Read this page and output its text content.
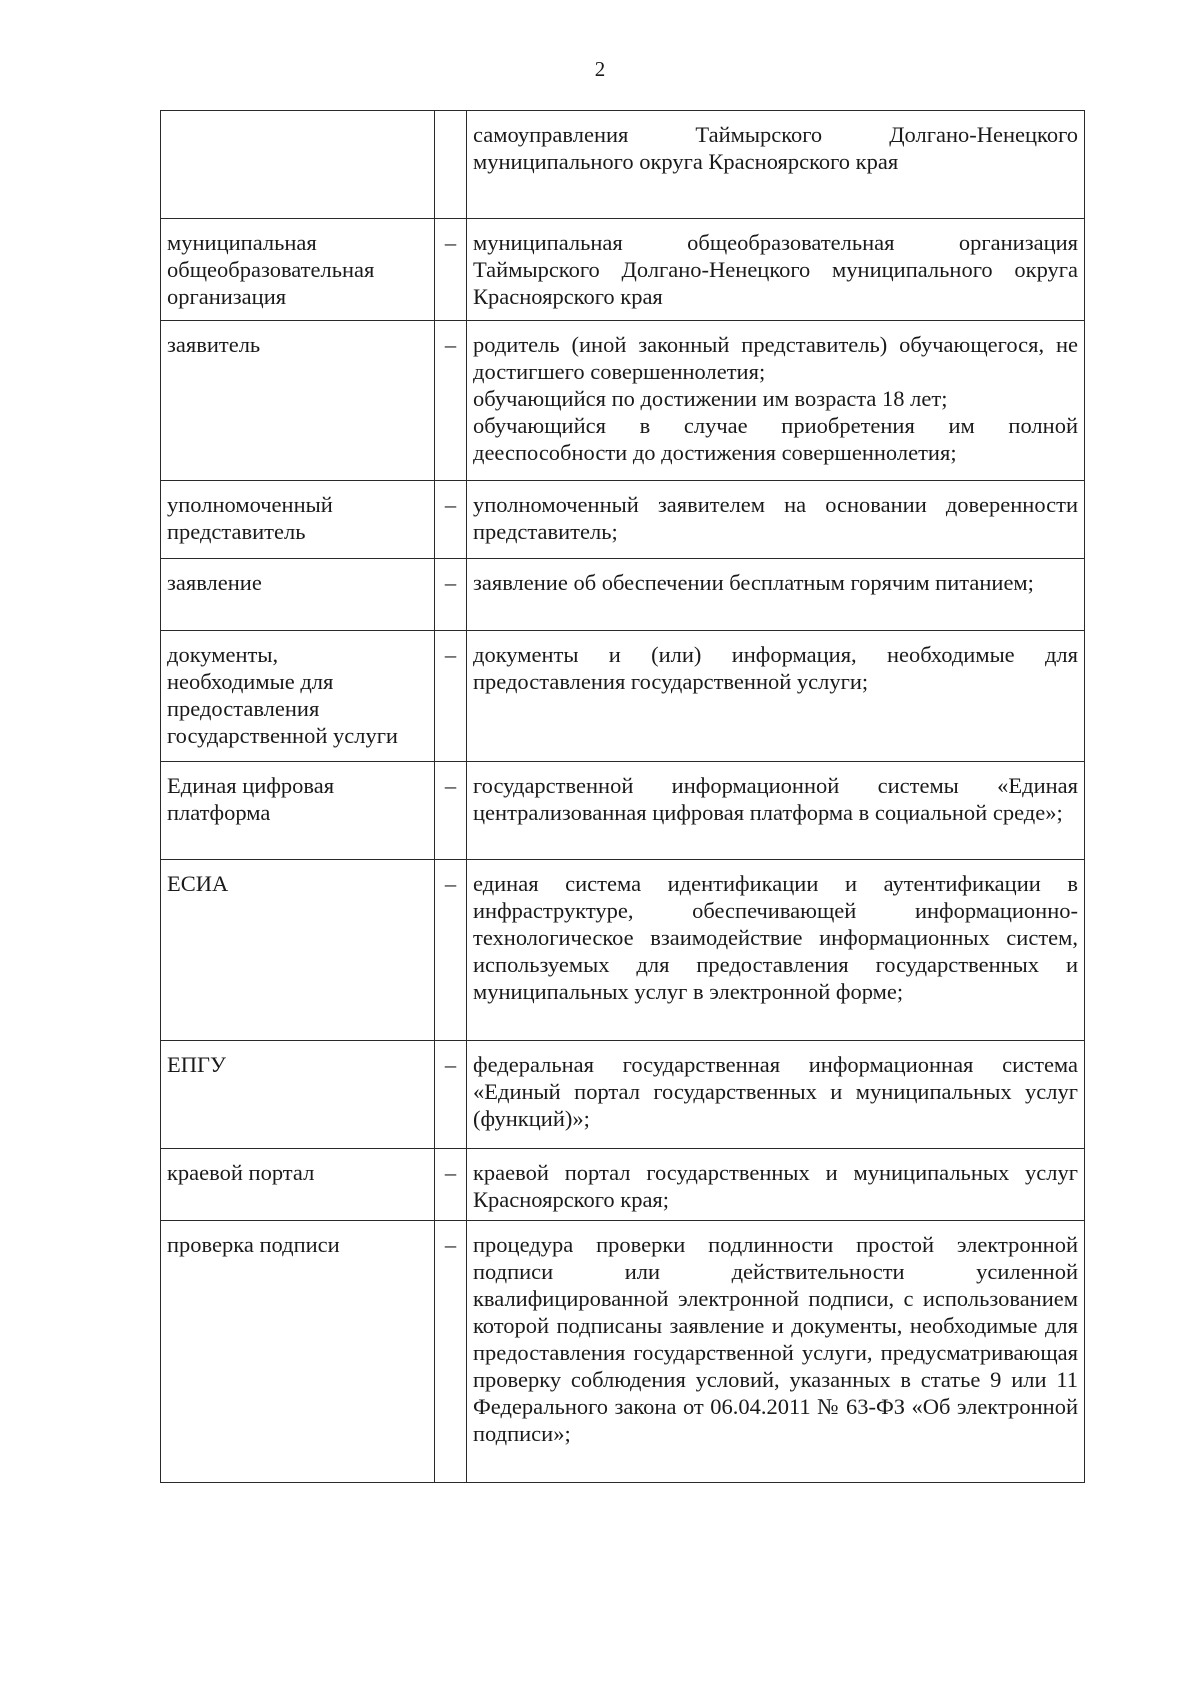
2

		самоуправления Таймырского Долгано-Ненецкого муниципального округа Красноярского края

муниципальная
общеобразовательная
организация	–	муниципальная общеобразовательная организация Таймырского Долгано-Ненецкого муниципального округа Красноярского края

заявитель	–	родитель (иной законный представитель) обучающегося, не достигшего совершеннолетия;
обучающийся по достижении им возраста 18 лет;
обучающийся в случае приобретения им полной дееспособности до достижения совершеннолетия;

уполномоченный
представитель	–	уполномоченный заявителем на основании доверенности представитель;

заявление	–	заявление об обеспечении бесплатным горячим питанием;

документы,
необходимые для
предоставления
государственной услуги	–	документы и (или) информация, необходимые для предоставления государственной услуги;

Единая цифровая
платформа	–	государственной информационной системы «Единая централизованная цифровая платформа в социальной среде»;

ЕСИА	–	единая система идентификации и аутентификации в инфраструктуре, обеспечивающей информационно-технологическое взаимодействие информационных систем, используемых для предоставления государственных и муниципальных услуг в электронной форме;

ЕПГУ	–	федеральная государственная информационная система «Единый портал государственных и муниципальных услуг (функций)»;

краевой портал	–	краевой портал государственных и муниципальных услуг Красноярского края;

проверка подписи	–	процедура проверки подлинности простой электронной подписи или действительности усиленной квалифицированной электронной подписи, с использованием которой подписаны заявление и документы, необходимые для предоставления государственной услуги, предусматривающая проверку соблюдения условий, указанных в статье 9 или 11 Федерального закона от 06.04.2011 № 63-ФЗ «Об электронной подписи»;
